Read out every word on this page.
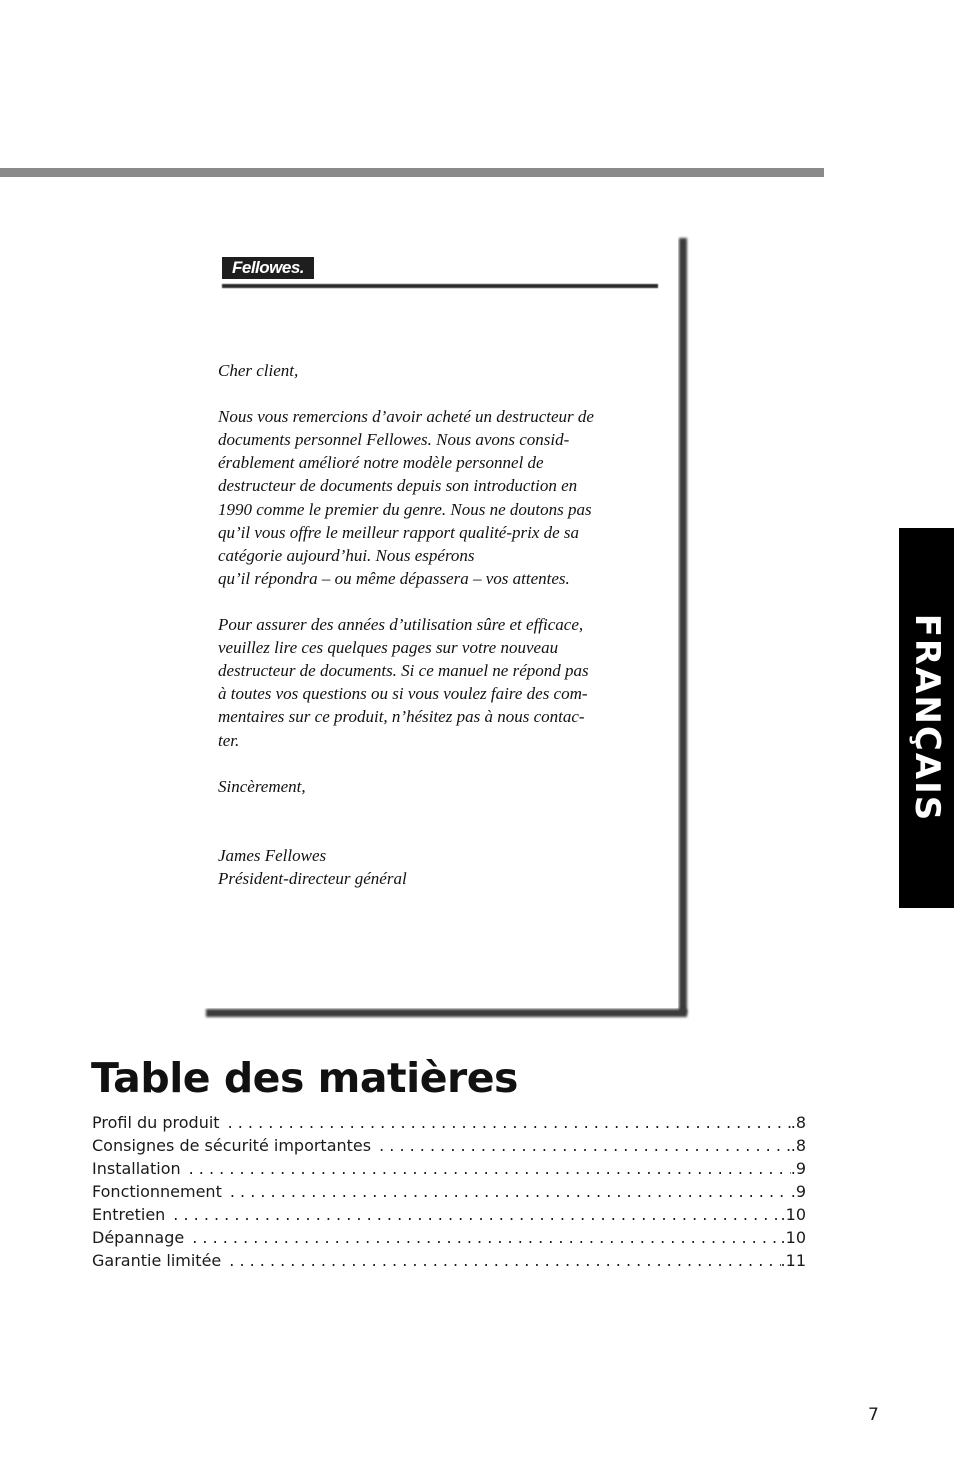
Fellowes.

Cher client,

Nous vous remercions d’avoir acheté un destructeur de
documents personnel Fellowes. Nous avons consid-
érablement amélioré notre modèle personnel de
destructeur de documents depuis son introduction en
1990 comme le premier du genre. Nous ne doutons pas
qu’il vous offre le meilleur rapport qualité-prix de sa
catégorie aujourd’hui. Nous espérons
qu’il répondra – ou même dépassera – vos attentes.

Pour assurer des années d’utilisation sûre et efficace,
veuillez lire ces quelques pages sur votre nouveau
destructeur de documents. Si ce manuel ne répond pas
à toutes vos questions ou si vous voulez faire des com-
mentaires sur ce produit, n’hésitez pas à nous contac-
ter.

Sincèrement,

James Fellowes

Président-directeur général

FRANÇAIS
Table des matières
Profil du produit . . .	.8
Consignes de sécurité importantes . . .	.8
Installation . . .	.9
Fonctionnement . . .	.9
Entretien . . .	.10
Dépannage . . .	.10
Garantie limitée . . .	.11
7
